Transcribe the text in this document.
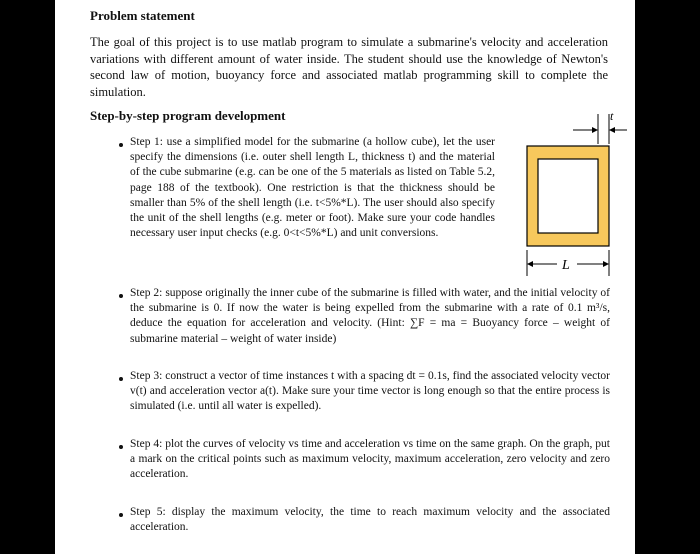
Problem statement

The goal of this project is to use matlab program to simulate a submarine's velocity and acceleration variations with different amount of water inside. The student should use the knowledge of Newton's second law of motion, buoyancy force and associated matlab programming skill to complete the simulation.

Step-by-step program development

Step 1: use a simplified model for the submarine (a hollow cube), let the user specify the dimensions (i.e. outer shell length L, thickness t) and the material of the cube submarine (e.g. can be one of the 5 materials as listed on Table 5.2, page 188 of the textbook). One restriction is that the thickness should be smaller than 5% of the shell length (i.e. t<5%*L). The user should also specify the unit of the shell lengths (e.g. meter or foot). Make sure your code handles necessary user input checks (e.g. 0<t<5%*L) and unit conversions.

Step 2: suppose originally the inner cube of the submarine is filled with water, and the initial velocity of the submarine is 0. If now the water is being expelled from the submarine with a rate of 0.1 m³/s, deduce the equation for acceleration and velocity. (Hint: ∑F = ma = Buoyancy force – weight of submarine material – weight of water inside)

Step 3: construct a vector of time instances t with a spacing dt = 0.1s, find the associated velocity vector v(t) and acceleration vector a(t). Make sure your time vector is long enough so that the entire process is simulated (i.e. until all water is expelled).

Step 4: plot the curves of velocity vs time and acceleration vs time on the same graph. On the graph, put a mark on the critical points such as maximum velocity, maximum acceleration, zero velocity and zero acceleration.

Step 5: display the maximum velocity, the time to reach maximum velocity and the associated acceleration.

t
L
